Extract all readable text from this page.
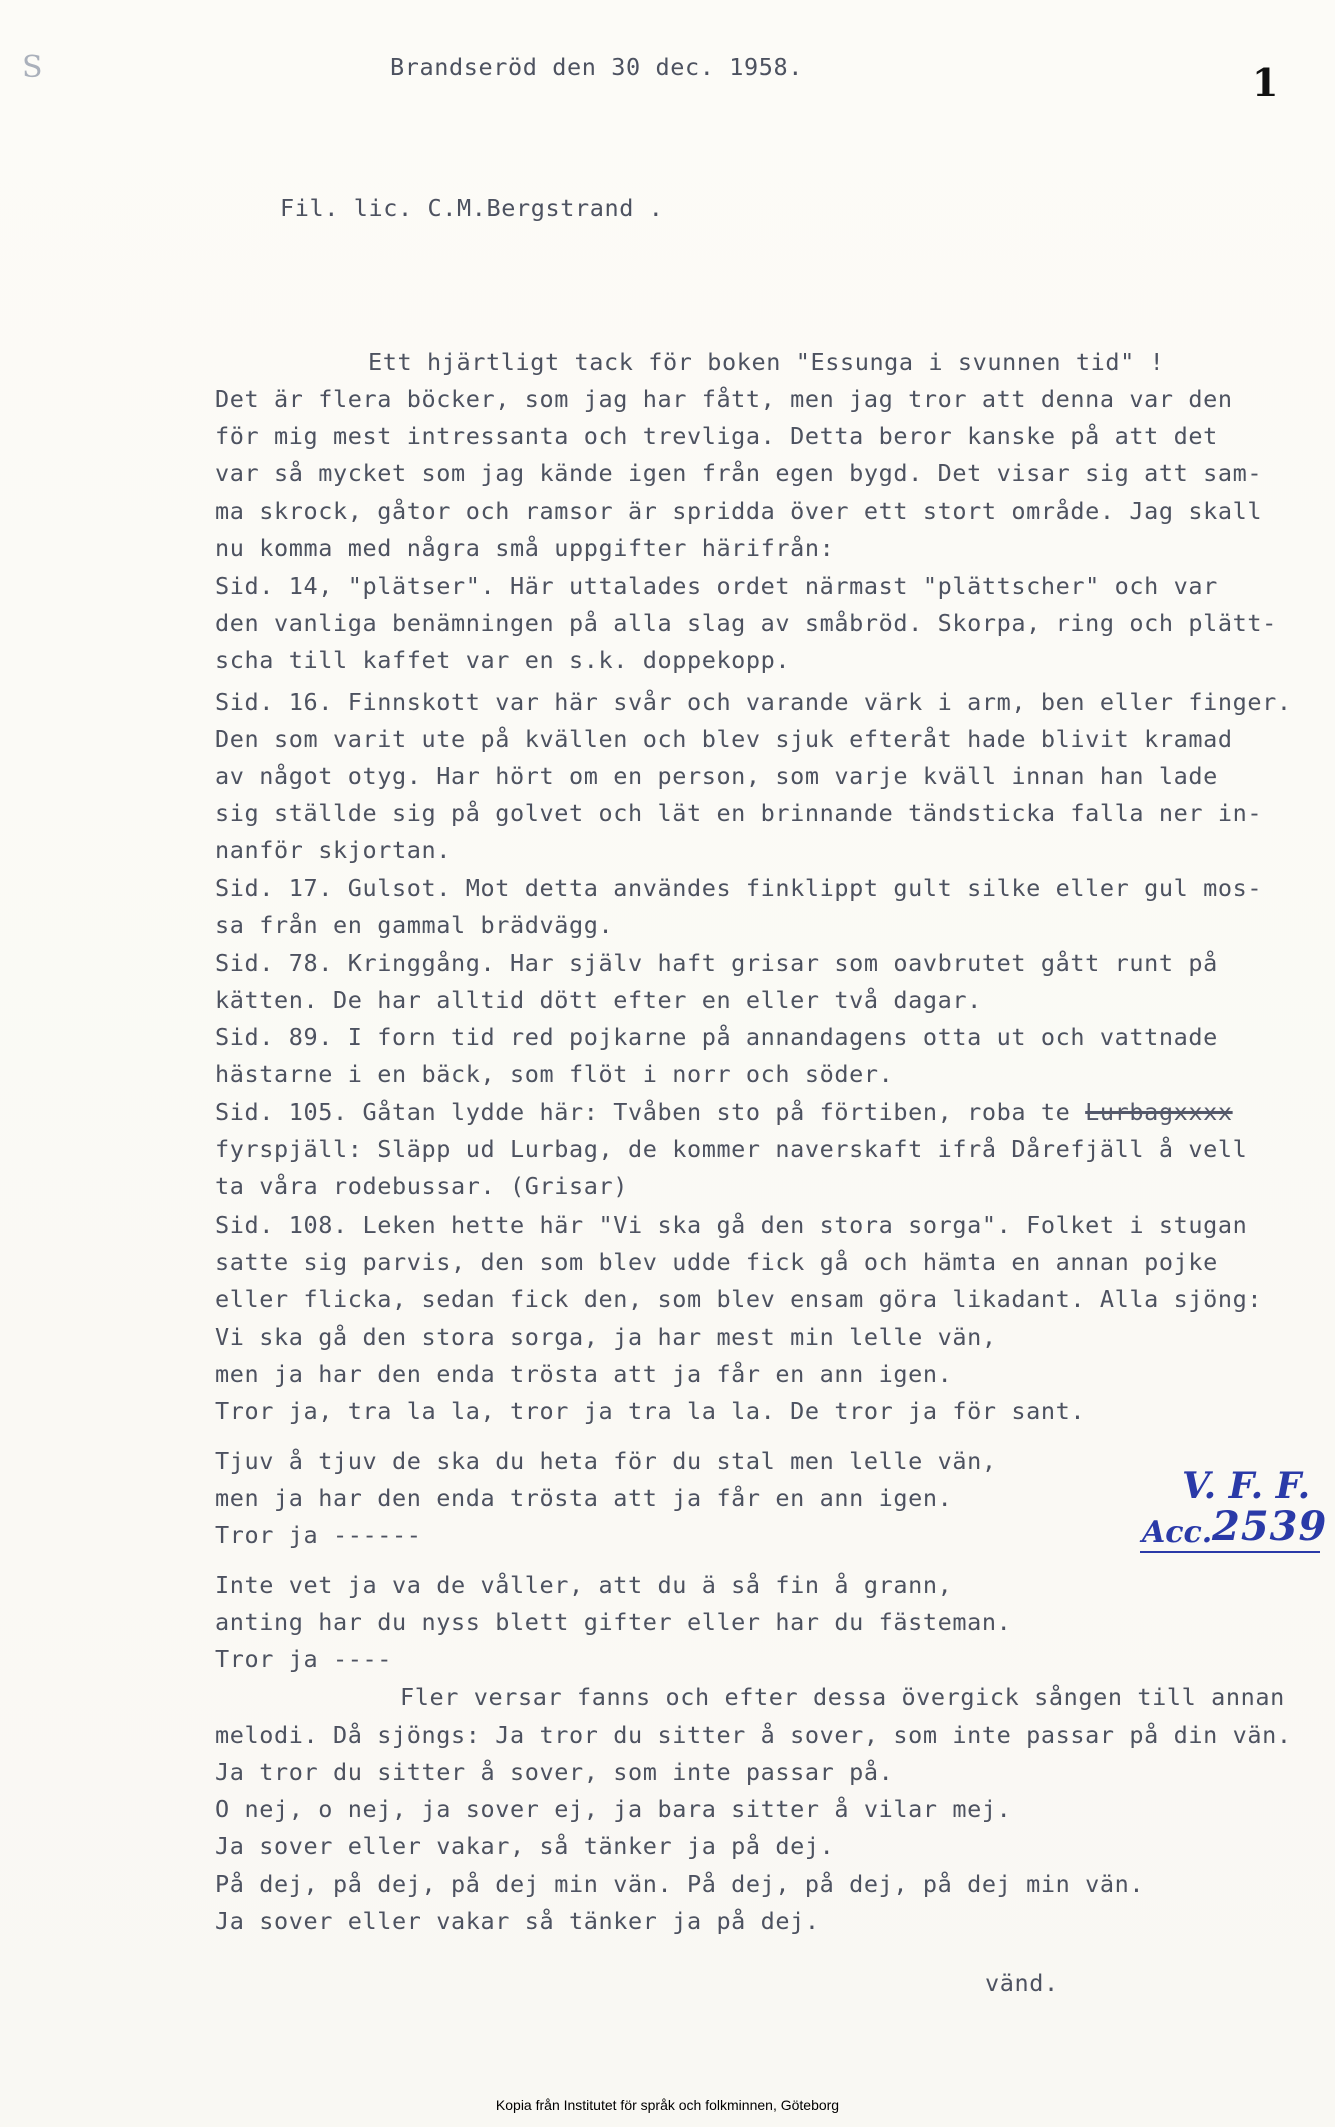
S	1
Brandseröd den 30 dec. 1958.
Fil. lic. C.M.Bergstrand .
Ett hjärtligt tack för boken "Essunga i svunnen tid" !
Det är flera böcker, som jag har fått, men jag tror att denna var den
för mig mest intressanta och trevliga. Detta beror kanske på att det
var så mycket som jag kände igen från egen bygd. Det visar sig att sam-
ma skrock, gåtor och ramsor är spridda över ett stort område. Jag skall
nu komma med några små uppgifter härifrån:
Sid. 14, "plätser". Här uttalades ordet närmast "plättscher" och var
den vanliga benämningen på alla slag av småbröd. Skorpa, ring och plätt-
scha till kaffet var en s.k. doppekopp.
Sid. 16. Finnskott var här svår och varande värk i arm, ben eller finger.
Den som varit ute på kvällen och blev sjuk efteråt hade blivit kramad
av något otyg. Har hört om en person, som varje kväll innan han lade
sig ställde sig på golvet och lät en brinnande tändsticka falla ner in-
nanför skjortan.
Sid. 17. Gulsot. Mot detta användes finklippt gult silke eller gul mos-
sa från en gammal brädvägg.
Sid. 78. Kringgång. Har själv haft grisar som oavbrutet gått runt på
kätten. De har alltid dött efter en eller två dagar.
Sid. 89. I forn tid red pojkarne på annandagens otta ut och vattnade
hästarne i en bäck, som flöt i norr och söder.
Sid. 105. Gåtan lydde här: Tvåben sto på förtiben, roba te Lurbagxxxx
fyrspjäll: Släpp ud Lurbag, de kommer naverskaft ifrå Dårefjäll å vell
ta våra rodebussar. (Grisar)
Sid. 108. Leken hette här "Vi ska gå den stora sorga". Folket i stugan
satte sig parvis, den som blev udde fick gå och hämta en annan pojke
eller flicka, sedan fick den, som blev ensam göra likadant. Alla sjöng:
Vi ska gå den stora sorga, ja har mest min lelle vän,
men ja har den enda trösta att ja får en ann igen.
Tror ja, tra la la, tror ja tra la la. De tror ja för sant.
Tjuv å tjuv de ska du heta för du stal men lelle vän,
men ja har den enda trösta att ja får en ann igen.
Tror ja ------
Inte vet ja va de våller, att du ä så fin å grann,
anting har du nyss blett gifter eller har du fästeman.
Tror ja ----
Fler versar fanns och efter dessa övergick sången till annan
melodi. Då sjöngs: Ja tror du sitter å sover, som inte passar på din vän.
Ja tror du sitter å sover, som inte passar på.
O nej, o nej, ja sover ej, ja bara sitter å vilar mej.
Ja sover eller vakar, så tänker ja på dej.
På dej, på dej, på dej min vän. På dej, på dej, på dej min vän.
Ja sover eller vakar så tänker ja på dej.
vänd.
V. F. F.
Acc. 2539
Kopia från Institutet för språk och folkminnen, Göteborg
